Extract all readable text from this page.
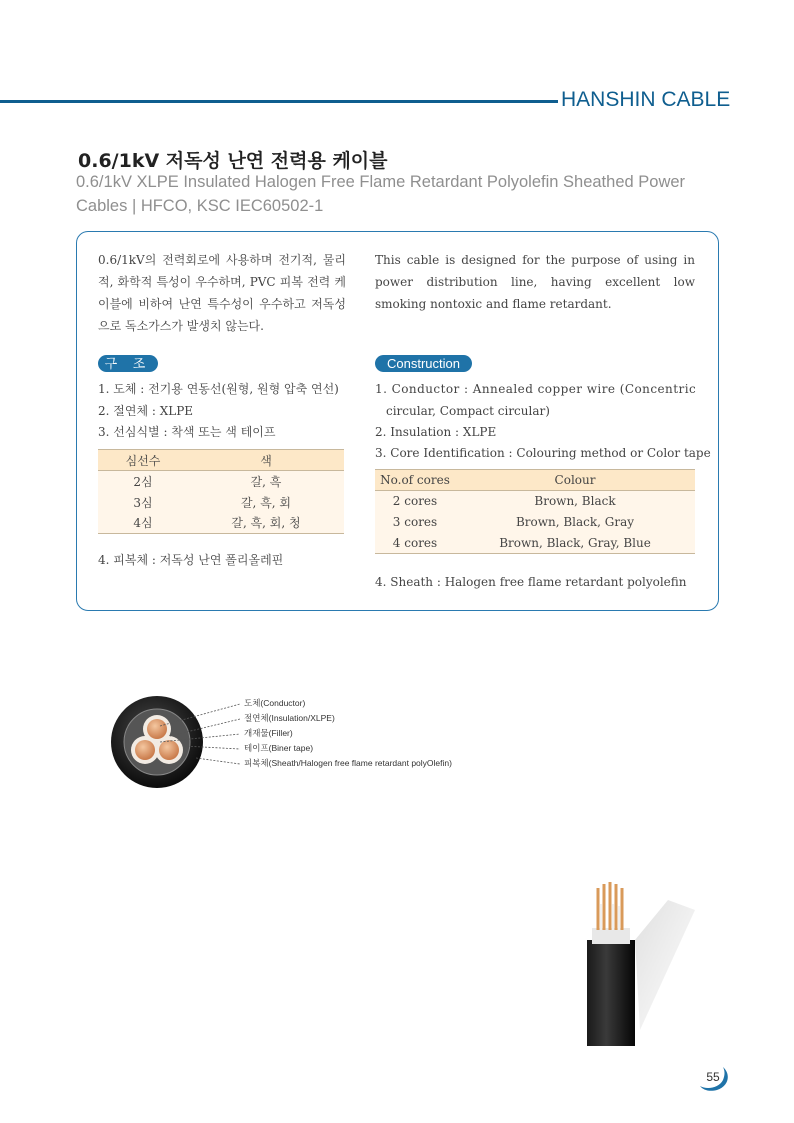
HANSHIN CABLE
0.6/1kV 저독성 난연 전력용 케이블
0.6/1kV XLPE Insulated Halogen Free Flame Retardant Polyolefin Sheathed Power Cables | HFCO, KSC IEC60502-1

0.6/1kV의 전력회로에 사용하며 전기적, 물리적, 화학적 특성이 우수하며, PVC 피복 전력 케이블에 비하여 난연 특수성이 우수하고 저독성으로 독소가스가 발생치 않는다.

This cable is designed for the purpose of using in power distribution line, having excellent low smoking nontoxic and flame retardant.

구 조	Construction
1. 도체 : 전기용 연동선(원형, 원형 압축 연선)
2. 절연체 : XLPE
3. 선심식별 : 착색 또는 색 테이프
심선수	색
2심	갈, 흑
3심	갈, 흑, 회
4심	갈, 흑, 회, 청
4. 피복체 : 저독성 난연 폴리올레핀
1. Conductor : Annealed copper wire (Concentric
circular, Compact circular)
2. Insulation : XLPE
3. Core Identification : Colouring method or Color tape
No.of cores	Colour
2 cores	Brown, Black
3 cores	Brown, Black, Gray
4 cores	Brown, Black, Gray, Blue
4. Sheath : Halogen free flame retardant polyolefin
도체(Conductor)
절연체(Insulation/XLPE)
개재물(Filler)
테이프(Biner tape)
피복체(Sheath/Halogen free flame retardant polyOlefin)
55
